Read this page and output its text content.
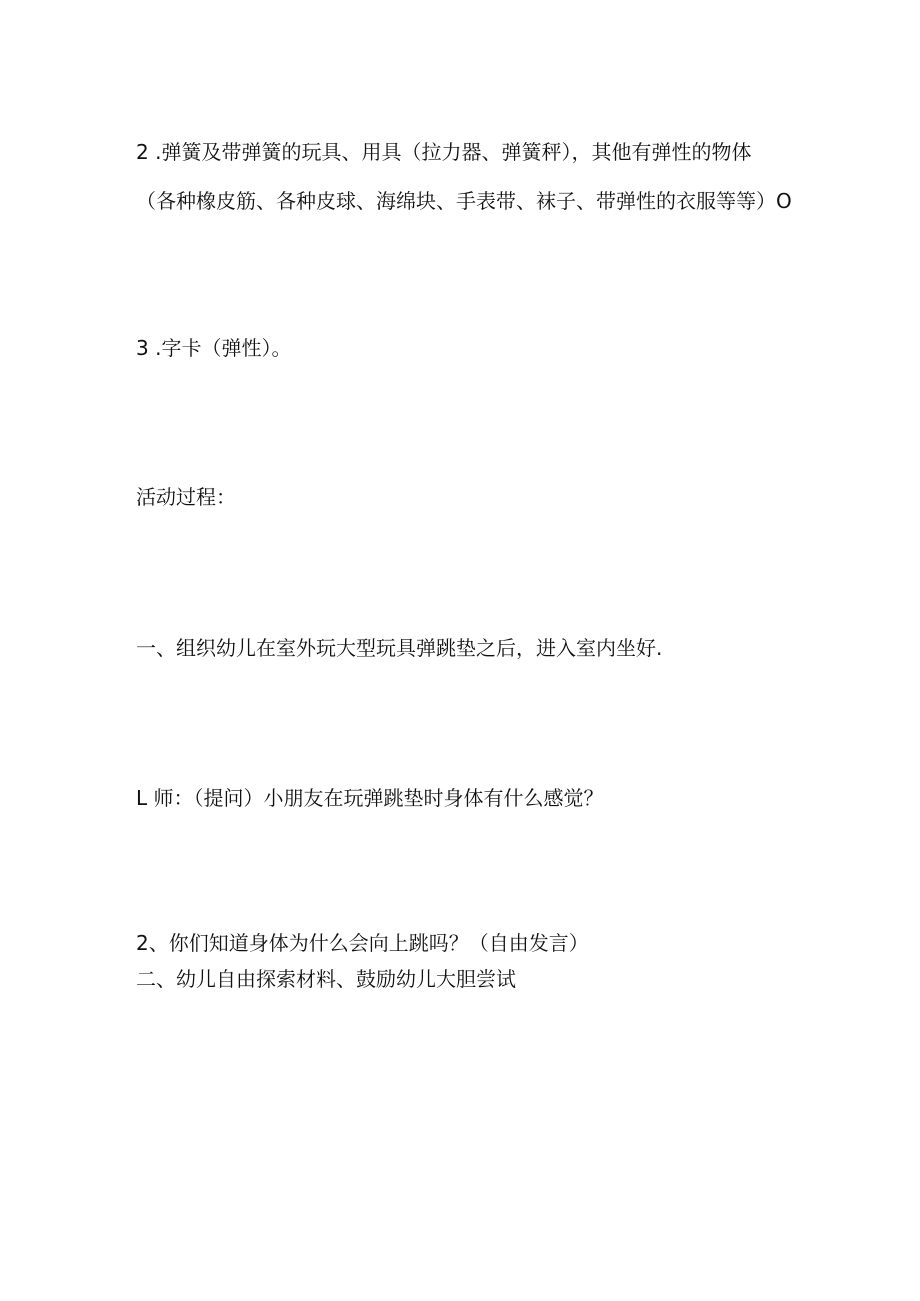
2 .弹簧及带弹簧的玩具、用具（拉力器、弹簧秤），其他有弹性的物体
（各种橡皮筋、各种皮球、海绵块、手表带、袜子、带弹性的衣服等等）O
3 .字卡（弹性）。
活动过程：
一、组织幼儿在室外玩大型玩具弹跳垫之后，进入室内坐好.
L 师：（提问）小朋友在玩弹跳垫时身体有什么感觉？
2、你们知道身体为什么会向上跳吗？（自由发言）
二、幼儿自由探索材料、鼓励幼儿大胆尝试
